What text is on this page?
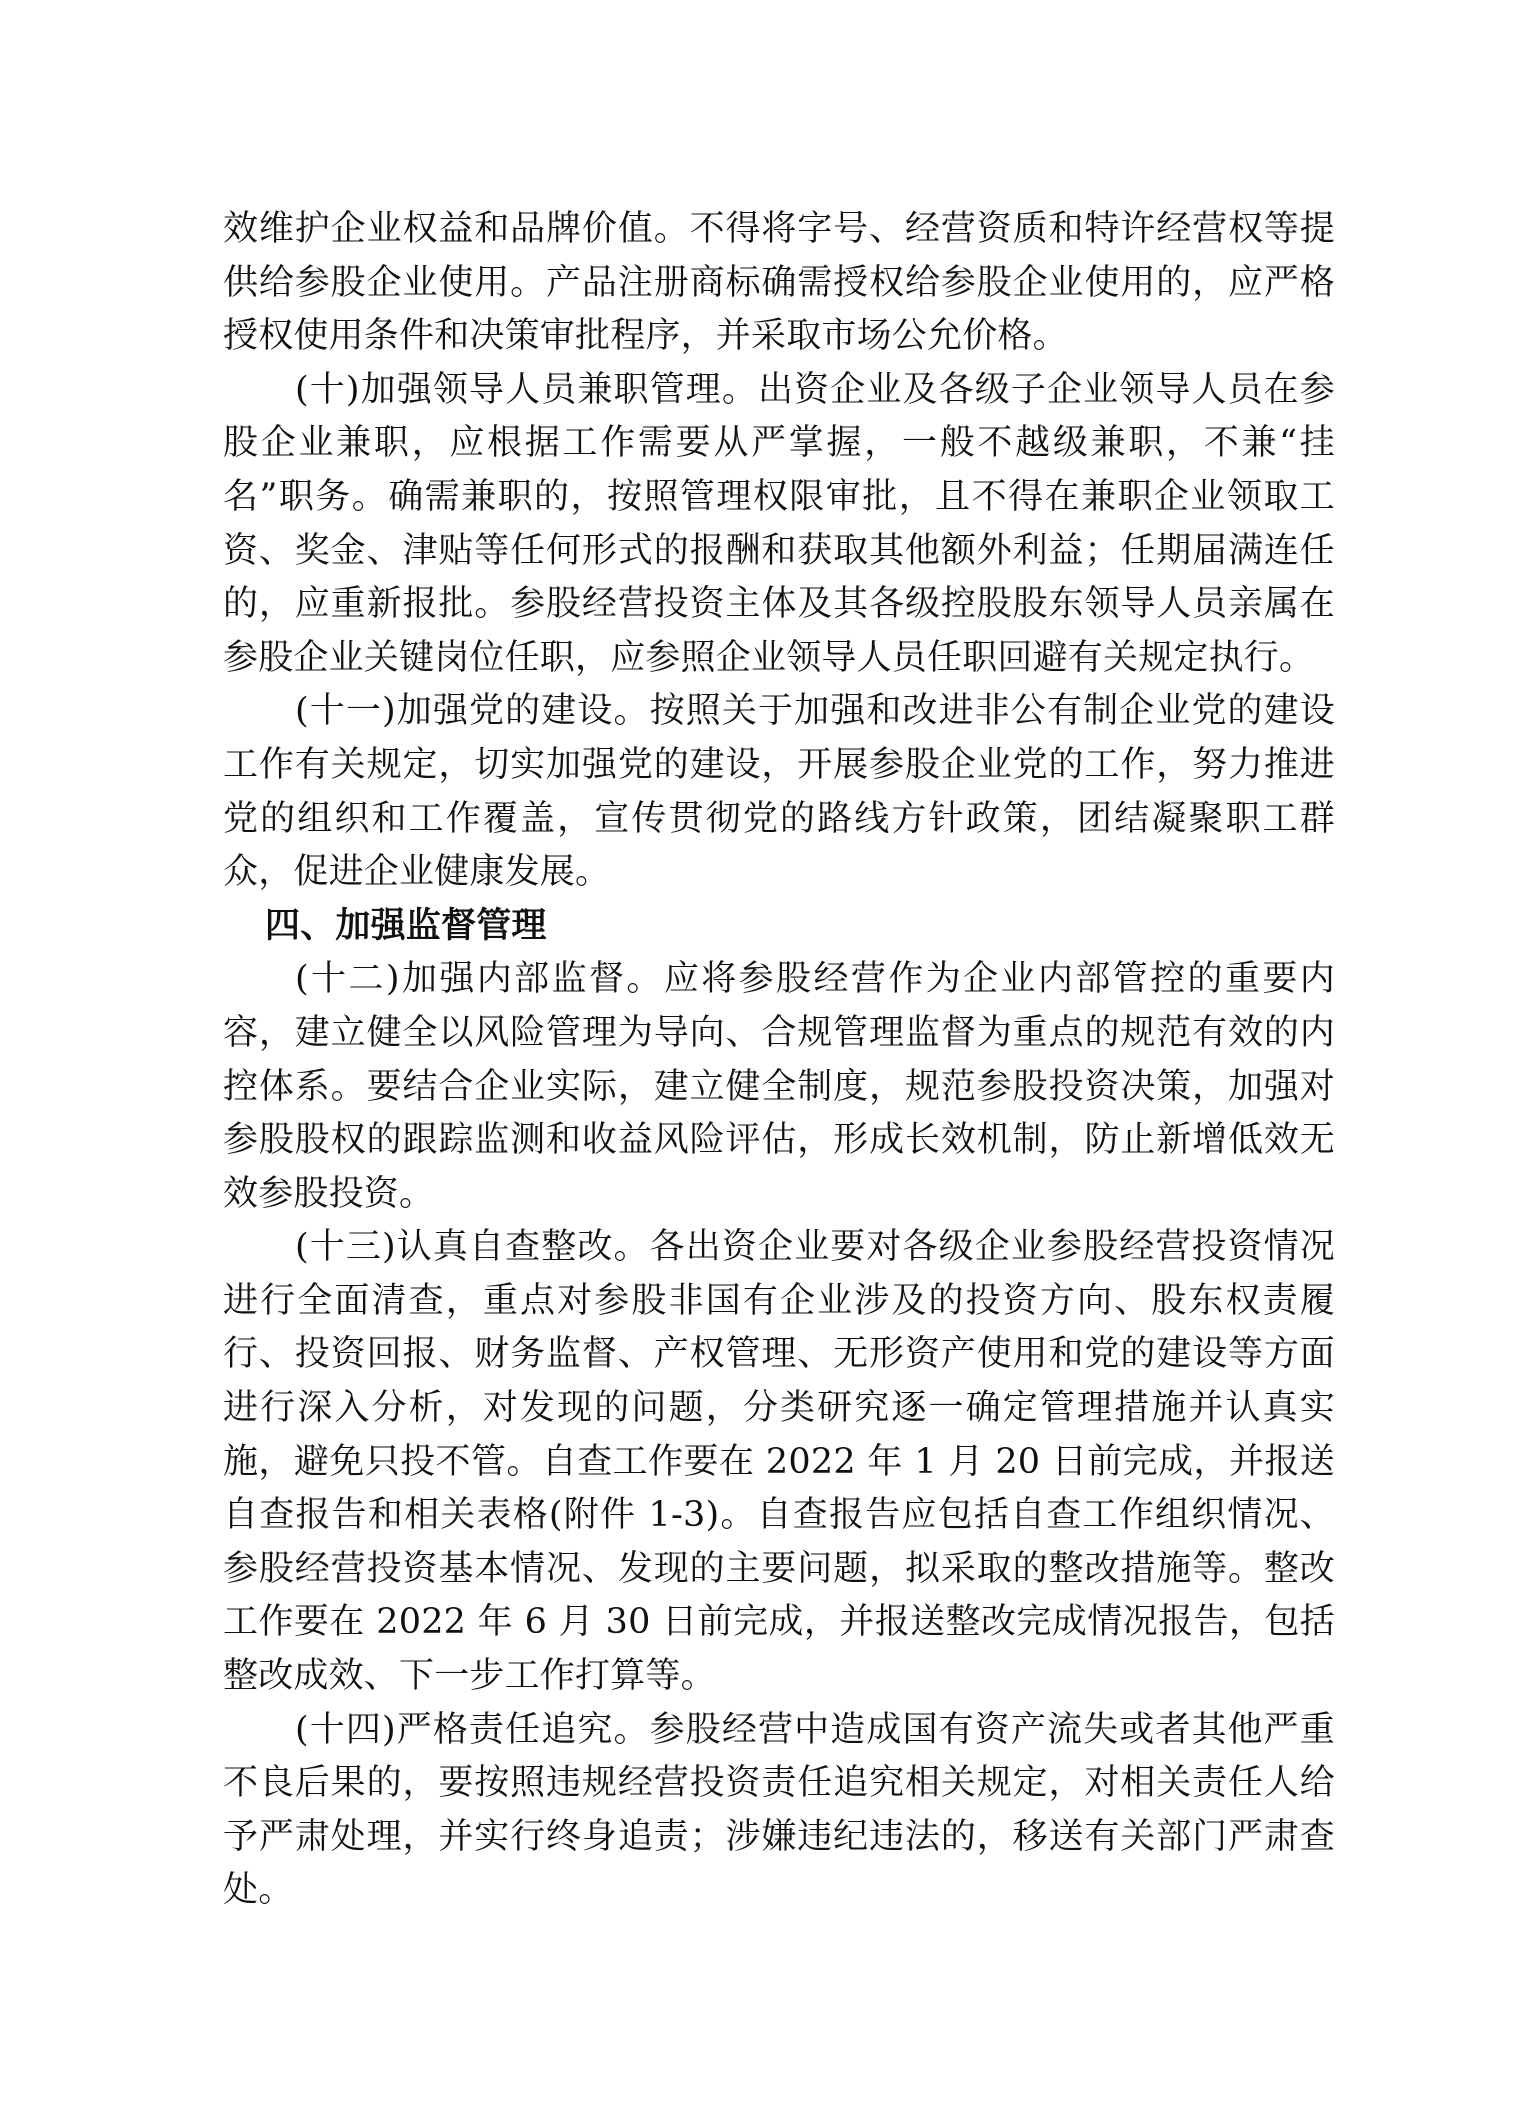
效维护企业权益和品牌价值。不得将字号、经营资质和特许经营权等提供给参股企业使用。产品注册商标确需授权给参股企业使用的，应严格授权使用条件和决策审批程序，并采取市场公允价格。

(十)加强领导人员兼职管理。出资企业及各级子企业领导人员在参股企业兼职，应根据工作需要从严掌握，一般不越级兼职，不兼“挂名”职务。确需兼职的，按照管理权限审批，且不得在兼职企业领取工资、奖金、津贴等任何形式的报酬和获取其他额外利益；任期届满连任的，应重新报批。参股经营投资主体及其各级控股股东领导人员亲属在参股企业关键岗位任职，应参照企业领导人员任职回避有关规定执行。

(十一)加强党的建设。按照关于加强和改进非公有制企业党的建设工作有关规定，切实加强党的建设，开展参股企业党的工作，努力推进党的组织和工作覆盖，宣传贯彻党的路线方针政策，团结凝聚职工群众，促进企业健康发展。

四、加强监督管理

(十二)加强内部监督。应将参股经营作为企业内部管控的重要内容，建立健全以风险管理为导向、合规管理监督为重点的规范有效的内控体系。要结合企业实际，建立健全制度，规范参股投资决策，加强对参股股权的跟踪监测和收益风险评估，形成长效机制，防止新增低效无效参股投资。

(十三)认真自查整改。各出资企业要对各级企业参股经营投资情况进行全面清查，重点对参股非国有企业涉及的投资方向、股东权责履行、投资回报、财务监督、产权管理、无形资产使用和党的建设等方面进行深入分析，对发现的问题，分类研究逐一确定管理措施并认真实施，避免只投不管。自查工作要在 2022 年 1 月 20 日前完成，并报送自查报告和相关表格(附件 1-3)。自查报告应包括自查工作组织情况、参股经营投资基本情况、发现的主要问题，拟采取的整改措施等。整改工作要在 2022 年 6 月 30 日前完成，并报送整改完成情况报告，包括整改成效、下一步工作打算等。

(十四)严格责任追究。参股经营中造成国有资产流失或者其他严重不良后果的，要按照违规经营投资责任追究相关规定，对相关责任人给予严肃处理，并实行终身追责；涉嫌违纪违法的，移送有关部门严肃查处。
